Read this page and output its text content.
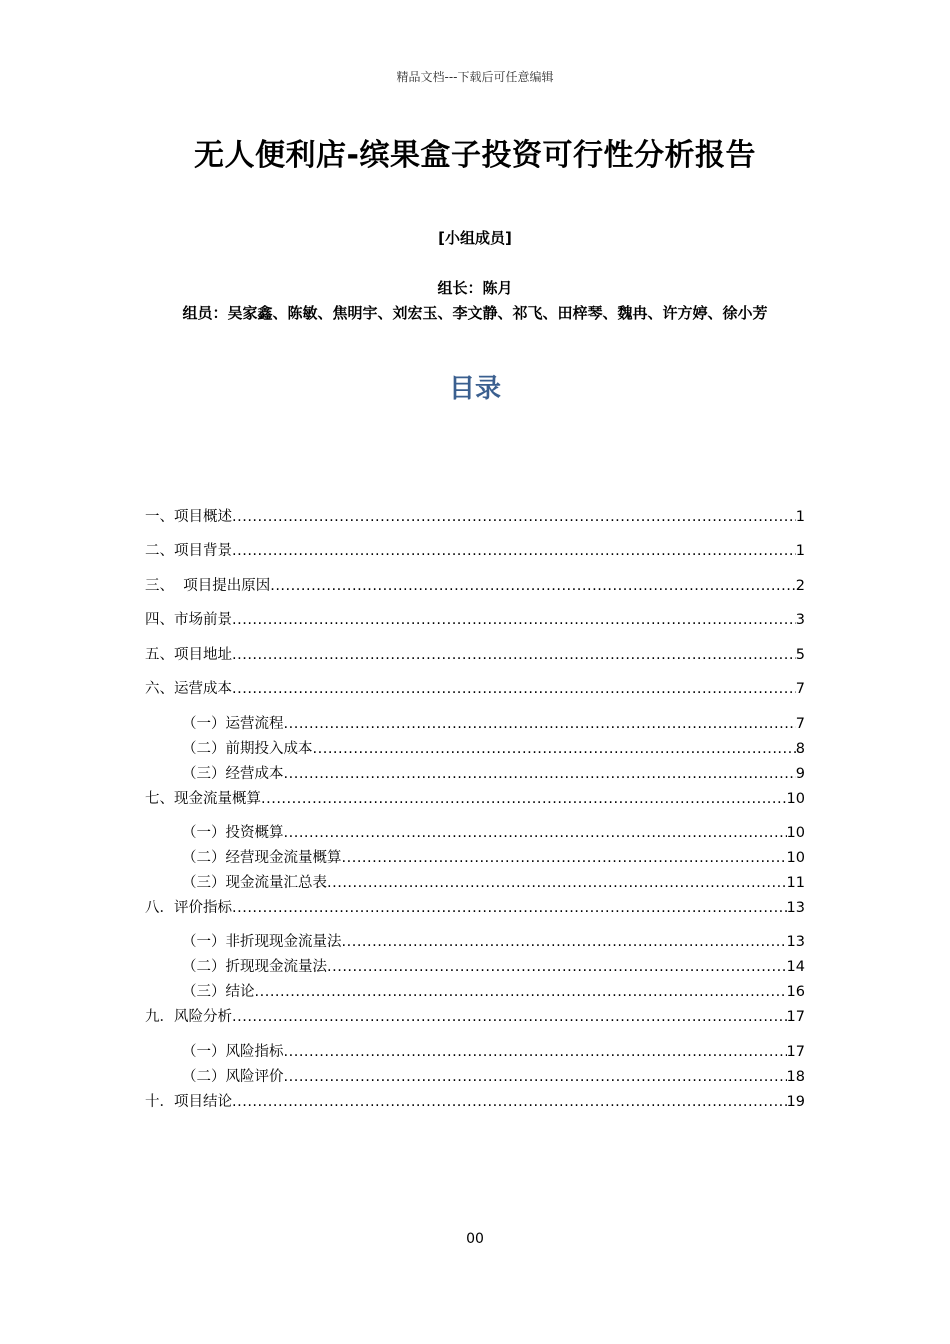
精品文档---下载后可任意编辑
无人便利店-缤果盒子投资可行性分析报告
[小组成员]
组长：陈月
组员：吴家鑫、陈敏、焦明宇、刘宏玉、李文静、祁飞、田梓琴、魏冉、许方婷、徐小芳
目录
一、项目概述 .....	1
二、项目背景 .....	1
三、  项目提出原因 .....	2
四、市场前景 .....	3
五、项目地址 .....	5
六、运营成本 .....	7
（一）运营流程 .....	7
（二）前期投入成本 .....	8
（三）经营成本 .....	9
七、现金流量概算 .....	10
（一）投资概算 .....	10
（二）经营现金流量概算 .....	10
（三）现金流量汇总表 .....	11
八．评价指标 .....	13
（一）非折现现金流量法 .....	13
（二）折现现金流量法 .....	14
（三）结论 .....	16
九．风险分析 .....	17
（一）风险指标 .....	17
（二）风险评价 .....	18
十．项目结论 .....	19
00
